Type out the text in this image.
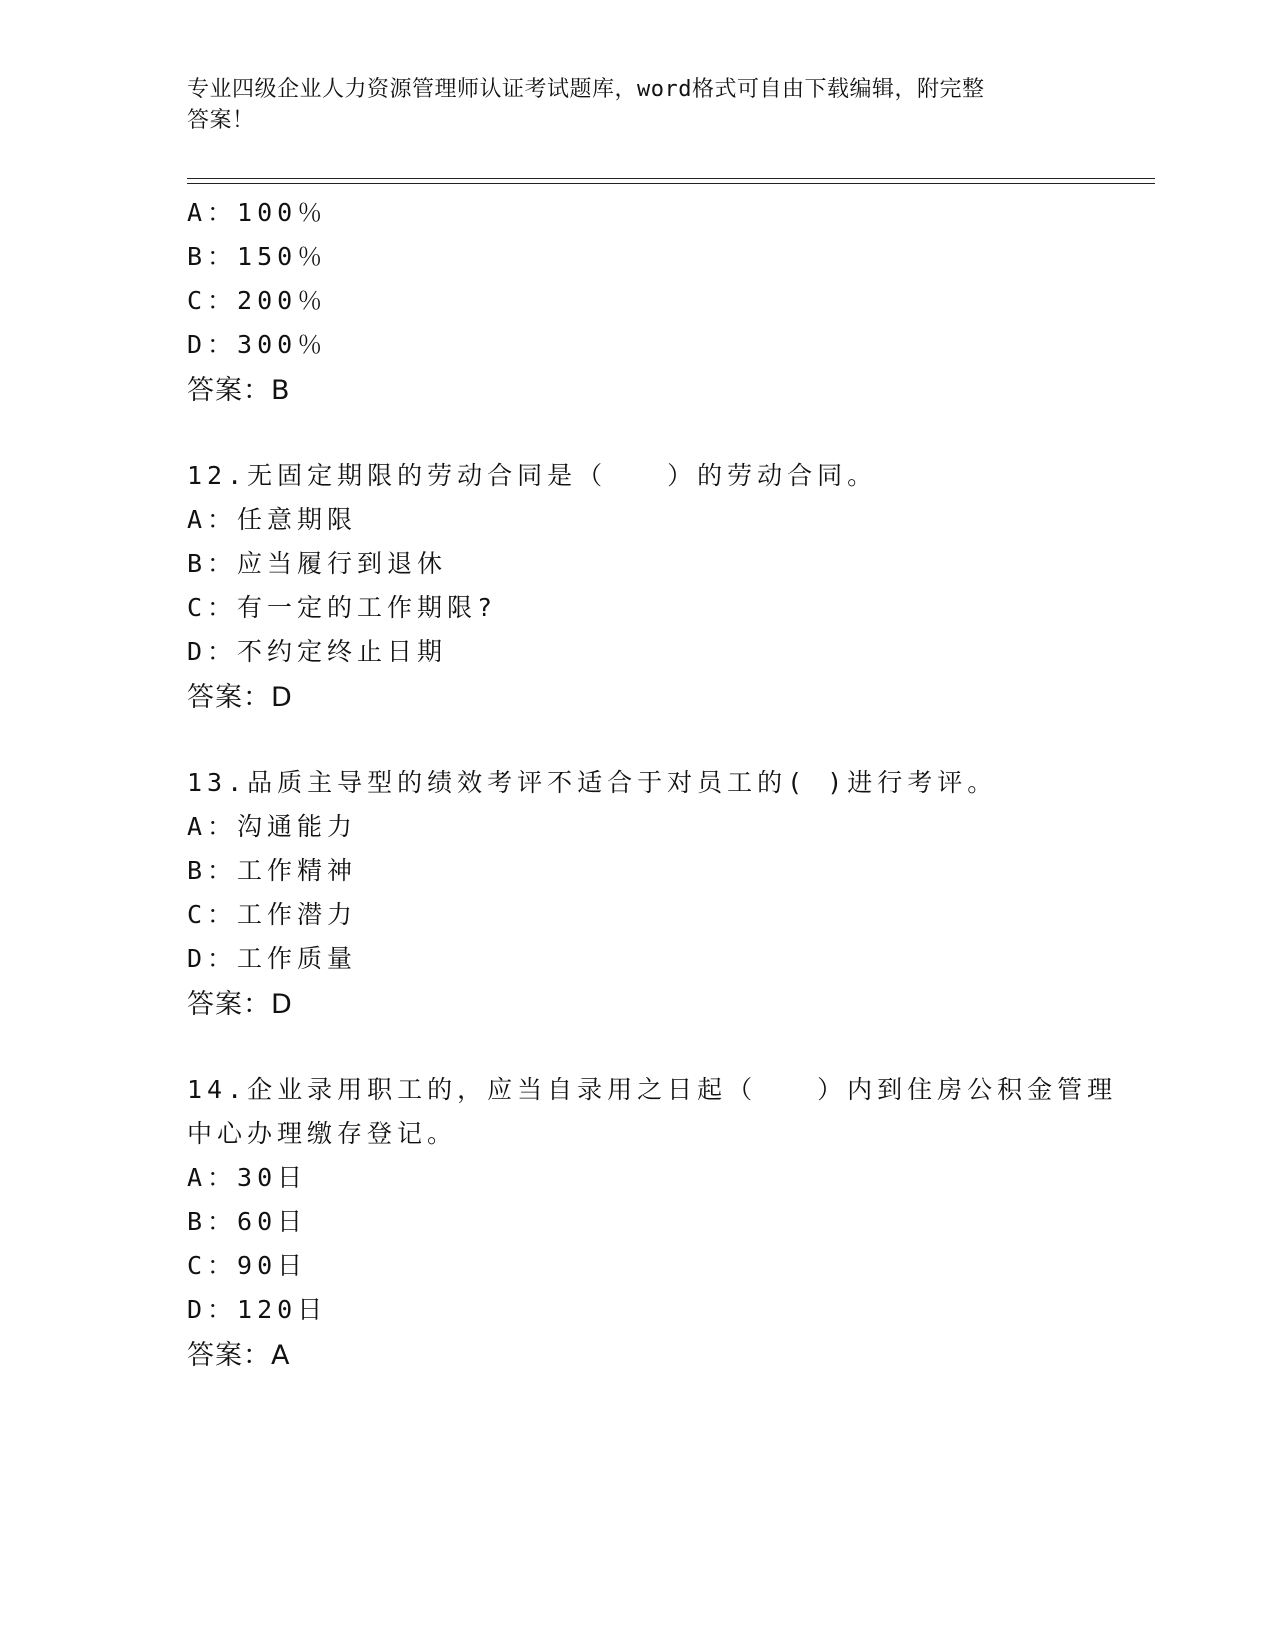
专业四级企业人力资源管理师认证考试题库，word格式可自由下载编辑，附完整
答案！
A：100％
B：150％
C：200％
D：300％
答案：B
12.无固定期限的劳动合同是（　　）的劳动合同。
A：任意期限
B：应当履行到退休
C：有一定的工作期限?
D：不约定终止日期
答案：D
13.品质主导型的绩效考评不适合于对员工的( )进行考评。
A：沟通能力
B：工作精神
C：工作潜力
D：工作质量
答案：D
14.企业录用职工的，应当自录用之日起（　　）内到住房公积金管理
中心办理缴存登记。
A：30日
B：60日
C：90日
D：120日
答案：A
